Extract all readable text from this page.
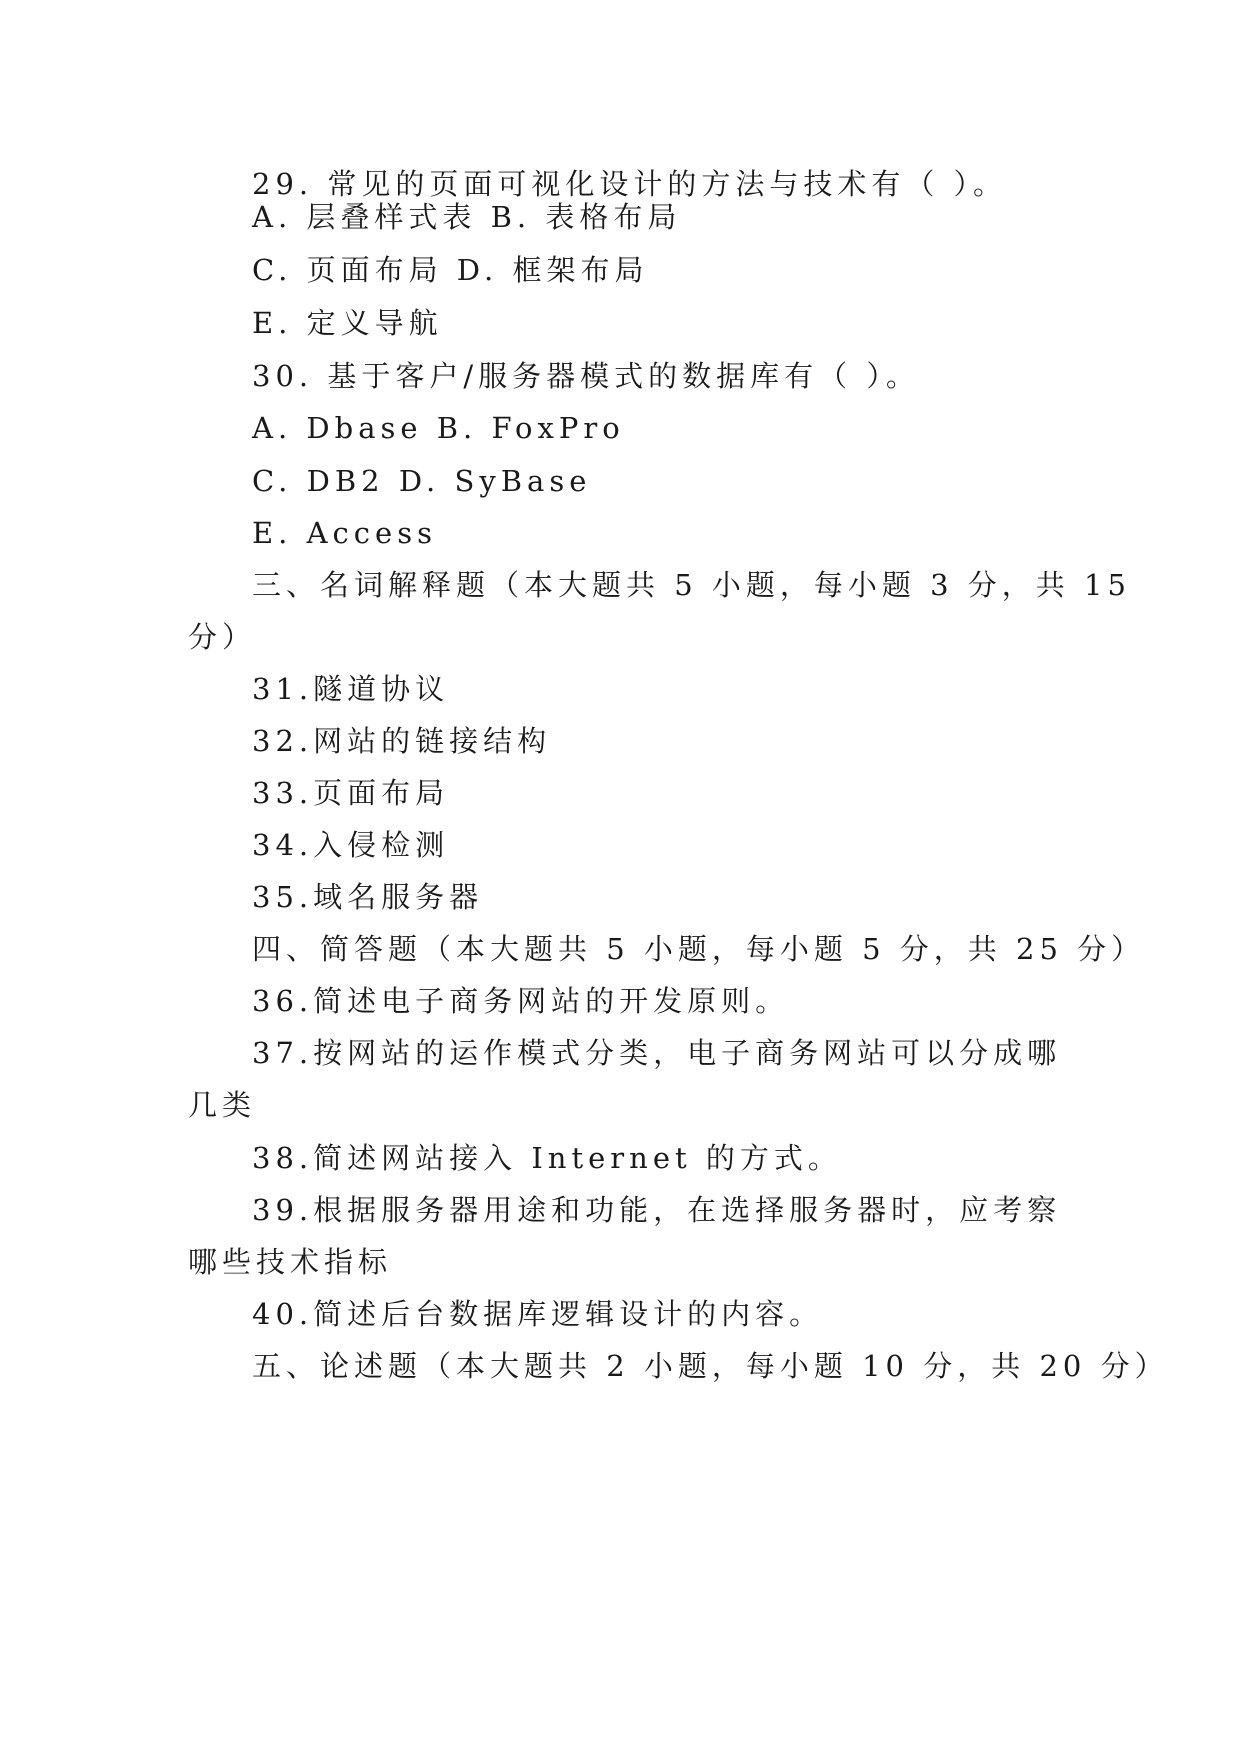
29. 常见的页面可视化设计的方法与技术有（ ）。
A. 层叠样式表 B. 表格布局
C. 页面布局 D. 框架布局
E. 定义导航
30. 基于客户/服务器模式的数据库有（ ）。
A. Dbase B. FoxPro
C. DB2 D. SyBase
E. Access
三、名词解释题（本大题共 5 小题，每小题 3 分，共 15
分）
31.隧道协议
32.网站的链接结构
33.页面布局
34.入侵检测
35.域名服务器
四、简答题（本大题共 5 小题，每小题 5 分，共 25 分）
36.简述电子商务网站的开发原则。
37.按网站的运作模式分类，电子商务网站可以分成哪
几类
38.简述网站接入 Internet 的方式。
39.根据服务器用途和功能，在选择服务器时，应考察
哪些技术指标
40.简述后台数据库逻辑设计的内容。
五、论述题（本大题共 2 小题，每小题 10 分，共 20 分）
